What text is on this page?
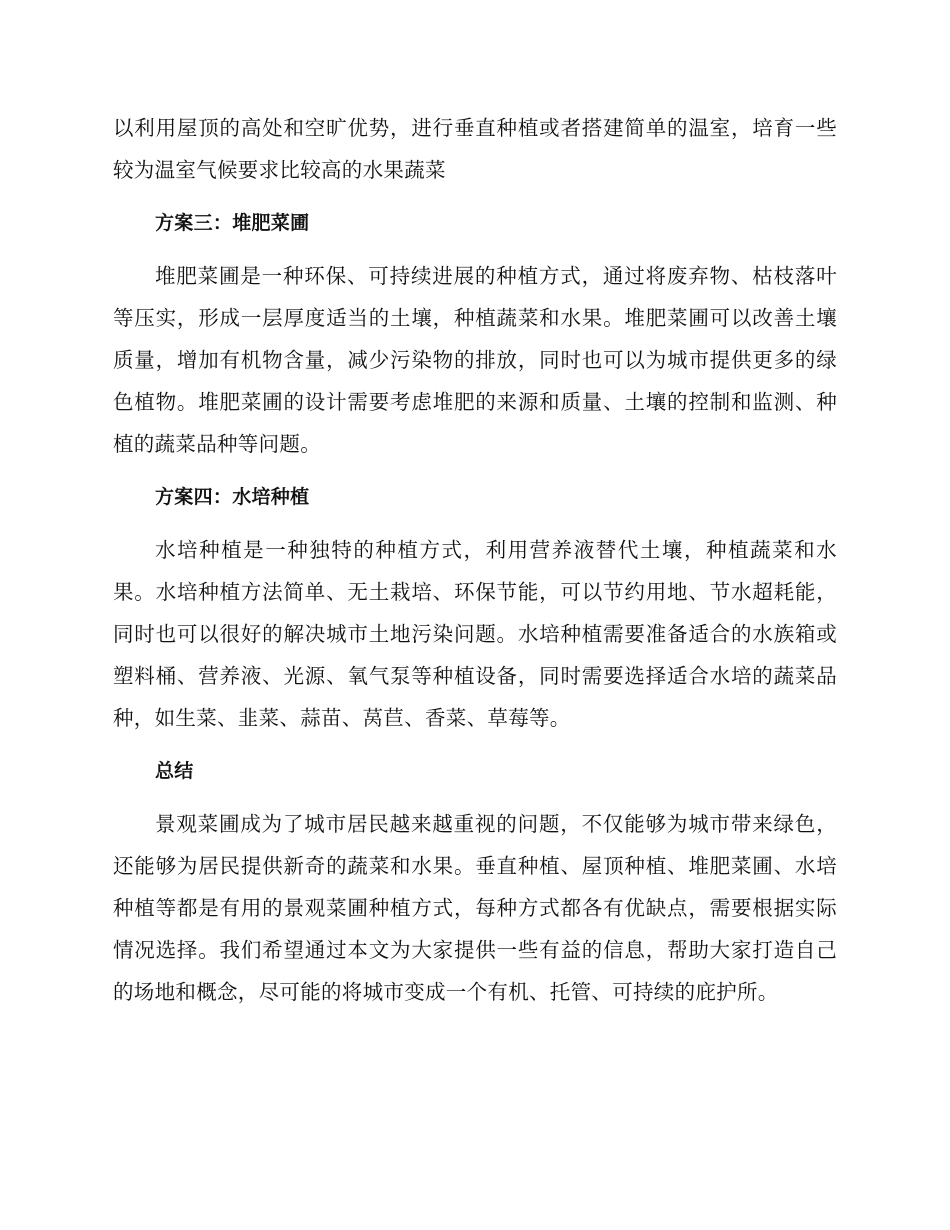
以利用屋顶的高处和空旷优势，进行垂直种植或者搭建简单的温室，培育一些较为温室气候要求比较高的水果蔬菜

方案三：堆肥菜圃

堆肥菜圃是一种环保、可持续进展的种植方式，通过将废弃物、枯枝落叶等压实，形成一层厚度适当的土壤，种植蔬菜和水果。堆肥菜圃可以改善土壤质量，增加有机物含量，减少污染物的排放，同时也可以为城市提供更多的绿色植物。堆肥菜圃的设计需要考虑堆肥的来源和质量、土壤的控制和监测、种植的蔬菜品种等问题。

方案四：水培种植

水培种植是一种独特的种植方式，利用营养液替代土壤，种植蔬菜和水果。水培种植方法简单、无土栽培、环保节能，可以节约用地、节水超耗能，同时也可以很好的解决城市土地污染问题。水培种植需要准备适合的水族箱或塑料桶、营养液、光源、氧气泵等种植设备，同时需要选择适合水培的蔬菜品种，如生菜、韭菜、蒜苗、莴苣、香菜、草莓等。

总结

景观菜圃成为了城市居民越来越重视的问题，不仅能够为城市带来绿色，还能够为居民提供新奇的蔬菜和水果。垂直种植、屋顶种植、堆肥菜圃、水培种植等都是有用的景观菜圃种植方式，每种方式都各有优缺点，需要根据实际情况选择。我们希望通过本文为大家提供一些有益的信息，帮助大家打造自己的场地和概念，尽可能的将城市变成一个有机、托管、可持续的庇护所。
